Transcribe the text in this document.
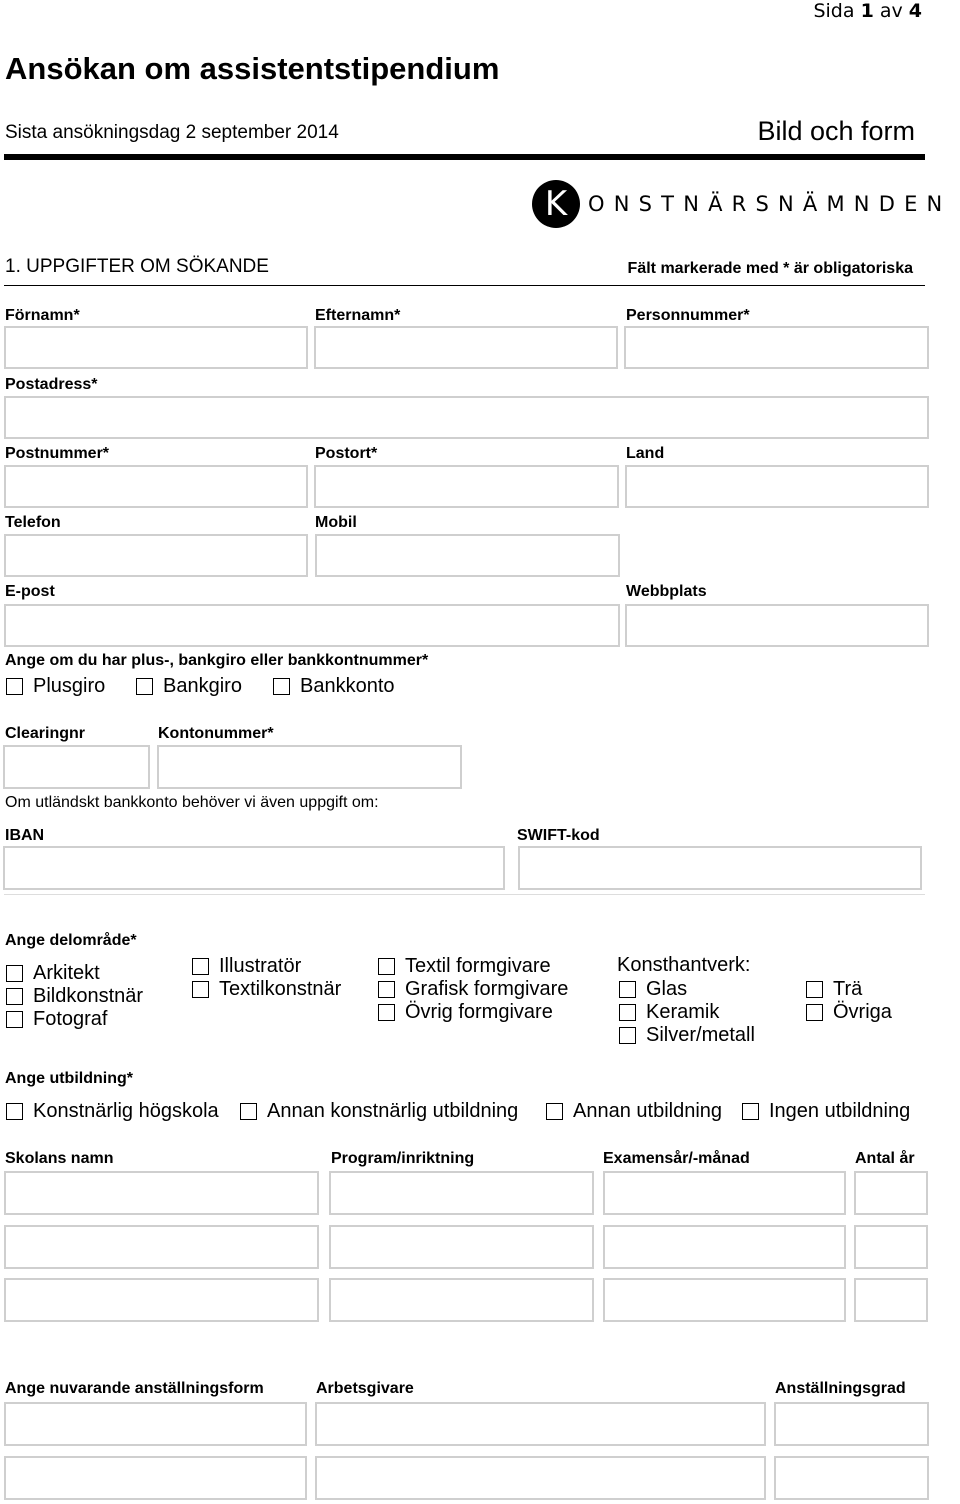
Sida 1 av 4
Ansökan om assistentstipendium
Sista ansökningsdag 2 september 2014	Bild och form
K ONSTNÄRSNÄMNDEN
1. UPPGIFTER OM SÖKANDE	Fält markerade med * är obligatoriska
Förnamn*	Efternamn*	Personnummer*
Postadress*
Postnummer*	Postort*	Land
Telefon	Mobil
E-post	Webbplats
Ange om du har plus-, bankgiro eller bankkontnummer*
Plusgiro	Bankgiro	Bankkonto
Clearingnr	Kontonummer*
Om utländskt bankkonto behöver vi även uppgift om:
IBAN	SWIFT-kod
Ange delområde*
Arkitekt
Bildkonstnär
Fotograf
Illustratör
Textilkonstnär
Textil formgivare
Grafisk formgivare
Övrig formgivare
Konsthantverk:
Glas
Keramik
Silver/metall
Trä
Övriga
Ange utbildning*
Konstnärlig högskola Annan konstnärlig utbildning	Annan utbildning Ingen utbildning
Skolans namn	Program/inriktning	Examensår/-månad	Antal år
Ange nuvarande anställningsform	Arbetsgivare	Anställningsgrad
